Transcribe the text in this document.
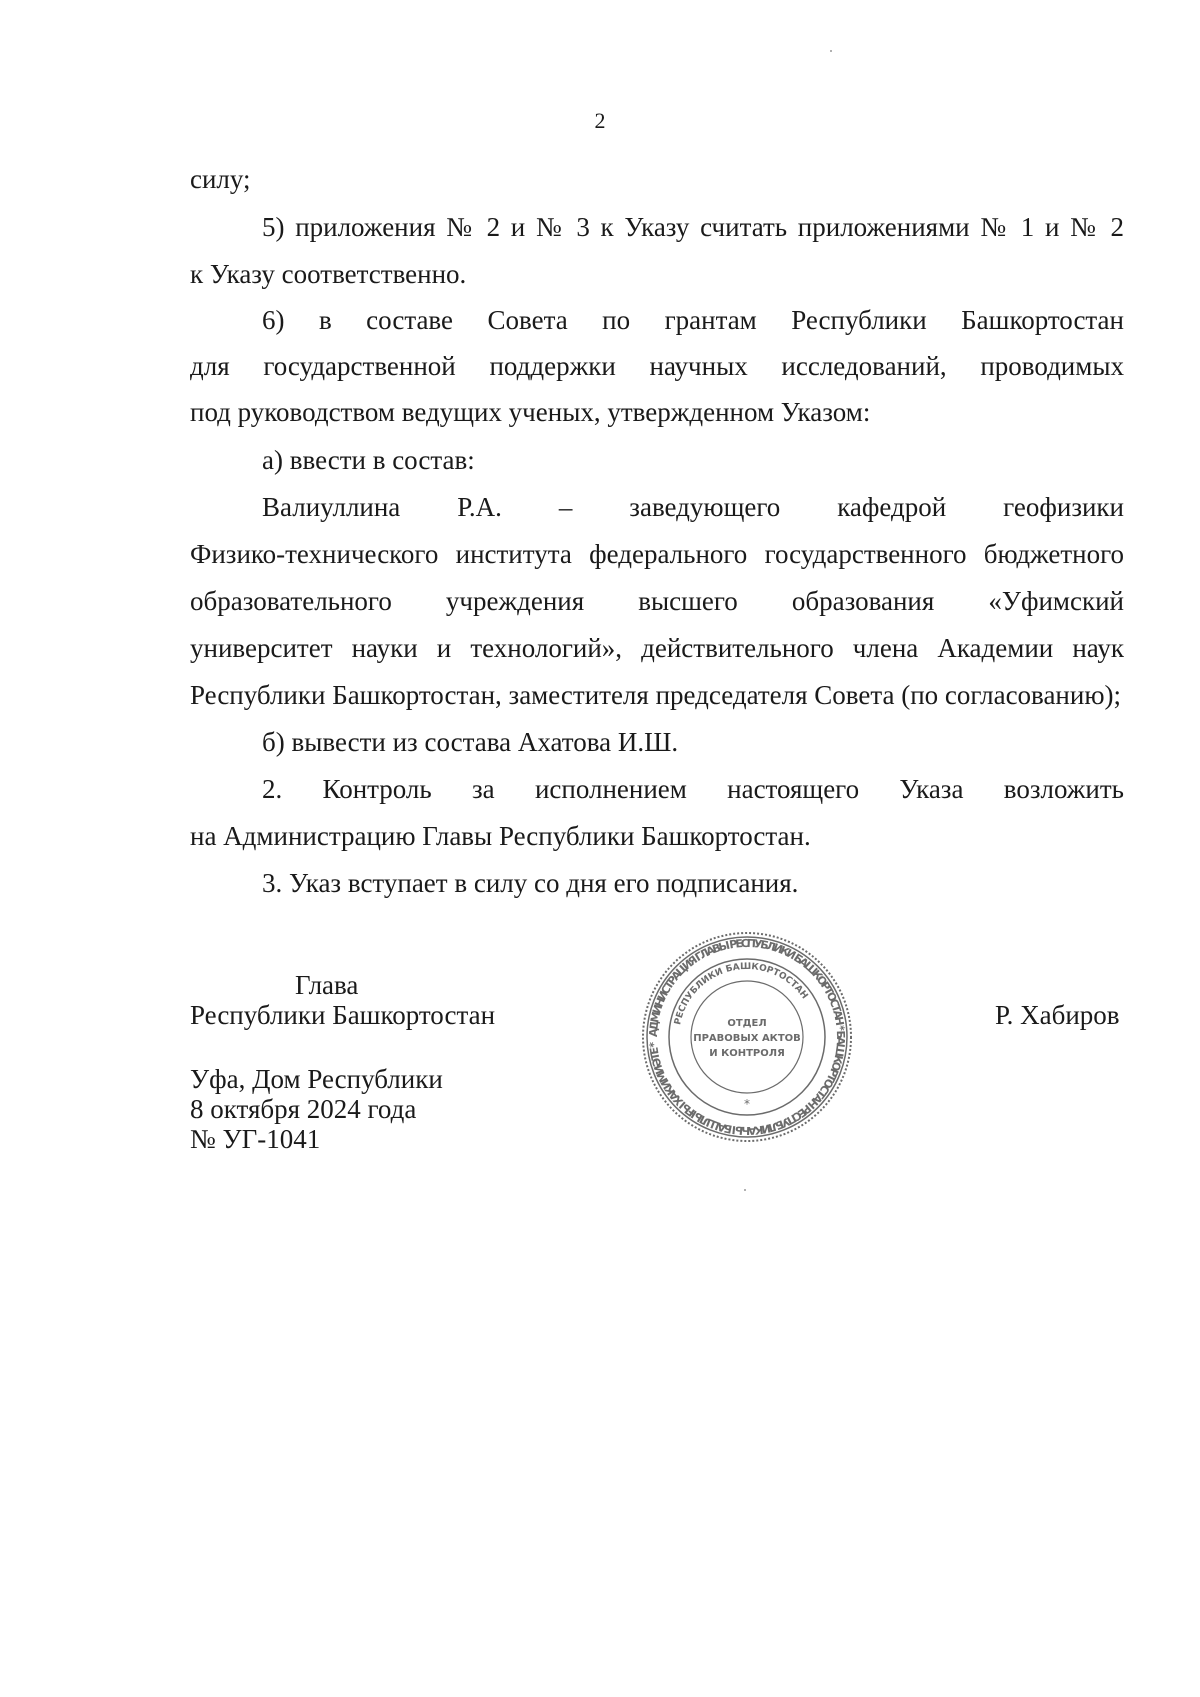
2
силу;
5) приложения № 2 и № 3 к Указу считать приложениями № 1 и № 2
к Указу соответственно.
6) в составе Совета по грантам Республики Башкортостан
для государственной поддержки научных исследований, проводимых
под руководством ведущих ученых, утвержденном Указом:
а) ввести в состав:
Валиуллина Р.А. – заведующего кафедрой геофизики
Физико-технического института федерального государственного бюджетного
образовательного учреждения высшего образования «Уфимский
университет науки и технологий», действительного члена Академии наук
Республики Башкортостан, заместителя председателя Совета (по согласованию);
б) вывести из состава Ахатова И.Ш.
2. Контроль за исполнением настоящего Указа возложить
на Администрацию Главы Республики Башкортостан.
3. Указ вступает в силу со дня его подписания.
Глава
Республики Башкортостан	Р. Хабиров
АДМИНИСТРАЦИЯ ГЛАВЫ РЕСПУБЛИКИ БАШКОРТОСТАН * БАШКОРТОСТАН РЕСПУБЛИКАҺЫ БАШЛЫҒЫ ХАКИМИӘТЕ *
РЕСПУБЛИКИ БАШКОРТОСТАН
ОТДЕЛ
ПРАВОВЫХ АКТОВ
И КОНТРОЛЯ
*
Уфа, Дом Республики
8 октября 2024 года
№ УГ-1041
